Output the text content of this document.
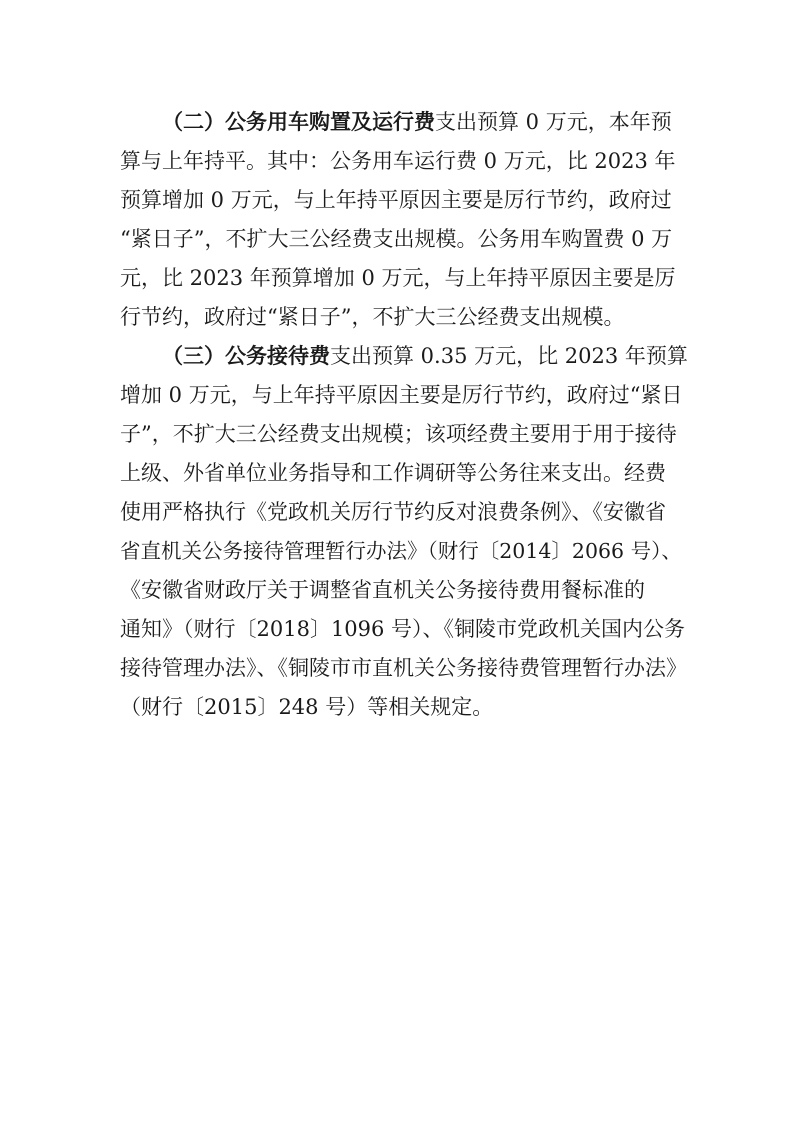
（二）公务用车购置及运行费支出预算 0 万元，本年预
算与上年持平。其中：公务用车运行费 0 万元，比 2023 年
预算增加 0 万元，与上年持平原因主要是厉行节约，政府过
“紧日子”，不扩大三公经费支出规模。公务用车购置费 0 万
元，比 2023 年预算增加 0 万元，与上年持平原因主要是厉
行节约，政府过“紧日子”，不扩大三公经费支出规模。
（三）公务接待费支出预算 0.35 万元，比 2023 年预算
增加 0 万元，与上年持平原因主要是厉行节约，政府过“紧日
子”，不扩大三公经费支出规模；该项经费主要用于用于接待
上级、外省单位业务指导和工作调研等公务往来支出。经费
使用严格执行《党政机关厉行节约反对浪费条例》、《安徽省
省直机关公务接待管理暂行办法》（财行〔2014〕2066 号）、
《安徽省财政厅关于调整省直机关公务接待费用餐标准的
通知》（财行〔2018〕1096 号）、《铜陵市党政机关国内公务
接待管理办法》、《铜陵市市直机关公务接待费管理暂行办法》
（财行〔2015〕248 号）等相关规定。
